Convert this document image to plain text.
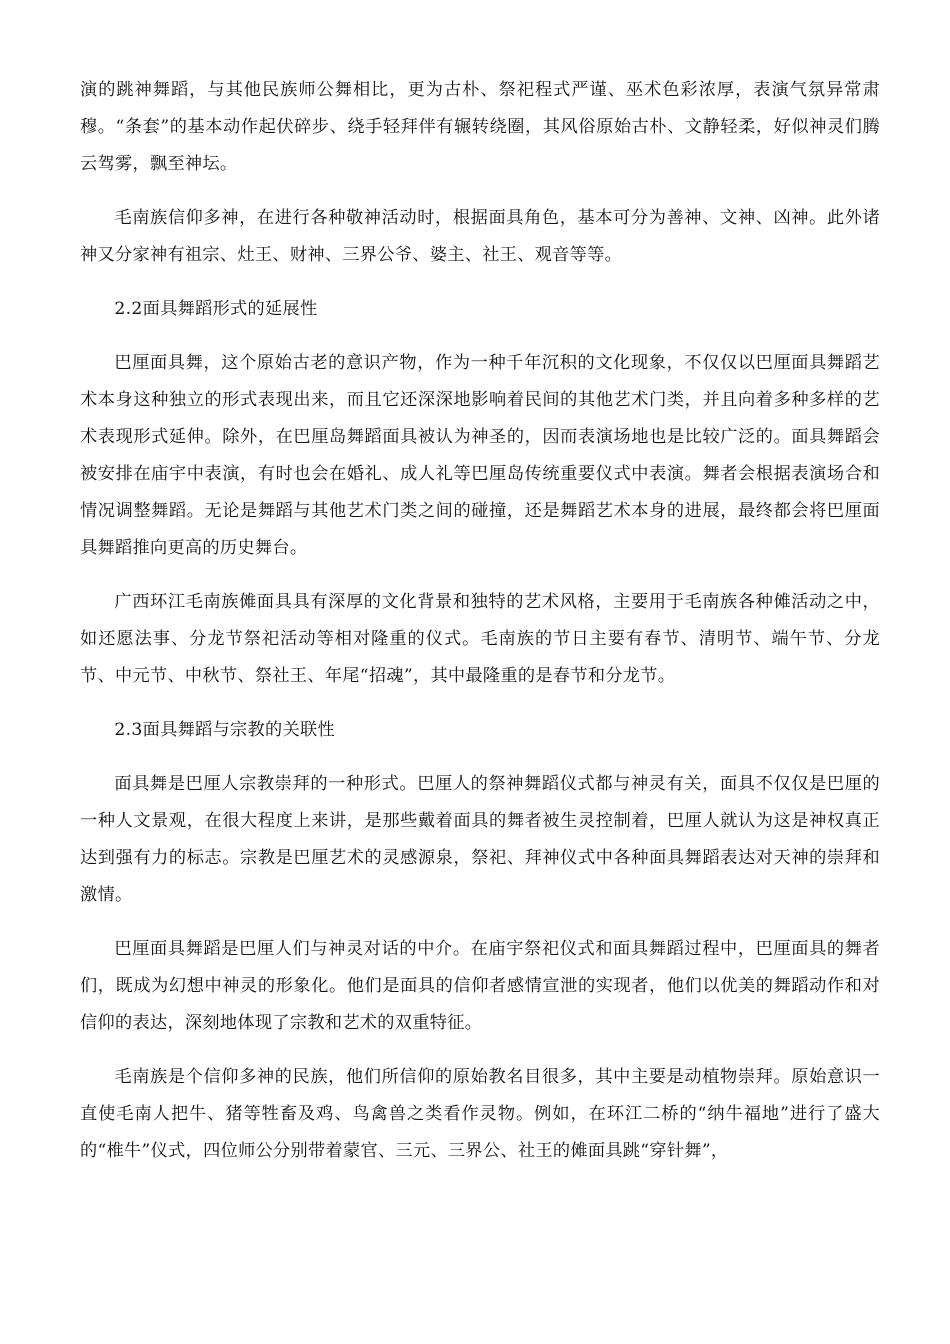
演的跳神舞蹈，与其他民族师公舞相比，更为古朴、祭祀程式严谨、巫术色彩浓厚，表演气氛异常肃穆。“条套”的基本动作起伏碎步、绕手轻拜伴有辗转绕圈，其风俗原始古朴、文静轻柔，好似神灵们腾云驾雾，飘至神坛。

毛南族信仰多神，在进行各种敬神活动时，根据面具角色，基本可分为善神、文神、凶神。此外诸神又分家神有祖宗、灶王、财神、三界公爷、婆主、社王、观音等等。

2.2面具舞蹈形式的延展性

巴厘面具舞，这个原始古老的意识产物，作为一种千年沉积的文化现象，不仅仅以巴厘面具舞蹈艺术本身这种独立的形式表现出来，而且它还深深地影响着民间的其他艺术门类，并且向着多种多样的艺术表现形式延伸。除外，在巴厘岛舞蹈面具被认为神圣的，因而表演场地也是比较广泛的。面具舞蹈会被安排在庙宇中表演，有时也会在婚礼、成人礼等巴厘岛传统重要仪式中表演。舞者会根据表演场合和情况调整舞蹈。无论是舞蹈与其他艺术门类之间的碰撞，还是舞蹈艺术本身的进展，最终都会将巴厘面具舞蹈推向更高的历史舞台。

广西环江毛南族傩面具具有深厚的文化背景和独特的艺术风格，主要用于毛南族各种傩活动之中，如还愿法事、分龙节祭祀活动等相对隆重的仪式。毛南族的节日主要有春节、清明节、端午节、分龙节、中元节、中秋节、祭社王、年尾“招魂”，其中最隆重的是春节和分龙节。

2.3面具舞蹈与宗教的关联性

面具舞是巴厘人宗教崇拜的一种形式。巴厘人的祭神舞蹈仪式都与神灵有关，面具不仅仅是巴厘的一种人文景观，在很大程度上来讲，是那些戴着面具的舞者被生灵控制着，巴厘人就认为这是神权真正达到强有力的标志。宗教是巴厘艺术的灵感源泉，祭祀、拜神仪式中各种面具舞蹈表达对天神的崇拜和激情。

巴厘面具舞蹈是巴厘人们与神灵对话的中介。在庙宇祭祀仪式和面具舞蹈过程中，巴厘面具的舞者们，既成为幻想中神灵的形象化。他们是面具的信仰者感情宣泄的实现者，他们以优美的舞蹈动作和对信仰的表达，深刻地体现了宗教和艺术的双重特征。

毛南族是个信仰多神的民族，他们所信仰的原始教名目很多，其中主要是动植物崇拜。原始意识一直使毛南人把牛、猪等牲畜及鸡、鸟禽兽之类看作灵物。例如，在环江二桥的“纳牛福地”进行了盛大的“椎牛”仪式，四位师公分别带着蒙官、三元、三界公、社王的傩面具跳“穿针舞”，
